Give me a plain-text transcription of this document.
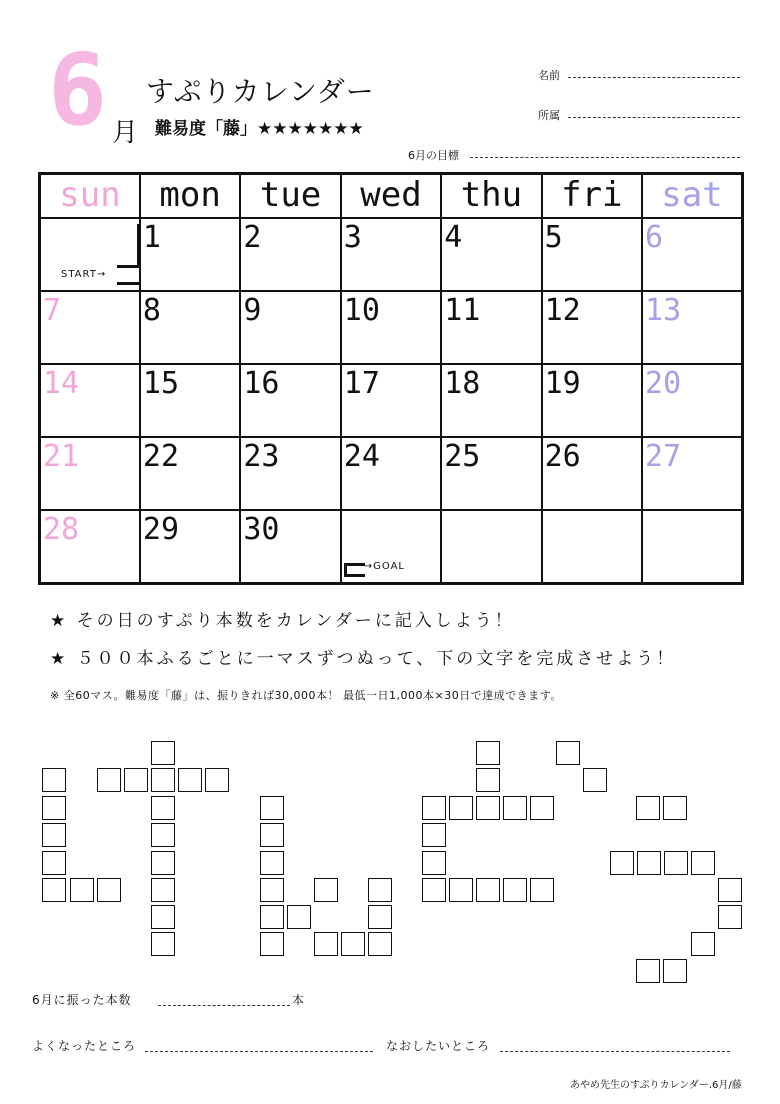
6 月
すぷりカレンダー
難易度「藤」★★★★★★★
名前
所属
6月の目標
sun	mon	tue	wed	thu	fri	sat

START→	1	2	3	4	5	6

7	8	9	10	11	12	13

14	15	16	17	18	19	20

21	22	23	24	25	26	27

28	29	30	→GOAL			

★ その日のすぷり本数をカレンダーに記入しよう！
★ ５００本ふるごとに一マスずつぬって、下の文字を完成させよう！
※ 全60マス。難易度「藤」は、振りきれば30,000本！ 最低一日1,000本×30日で達成できます。
6月に振った本数	本
よくなったところ	なおしたいところ
あやめ先生のすぷりカレンダー.6月/藤
